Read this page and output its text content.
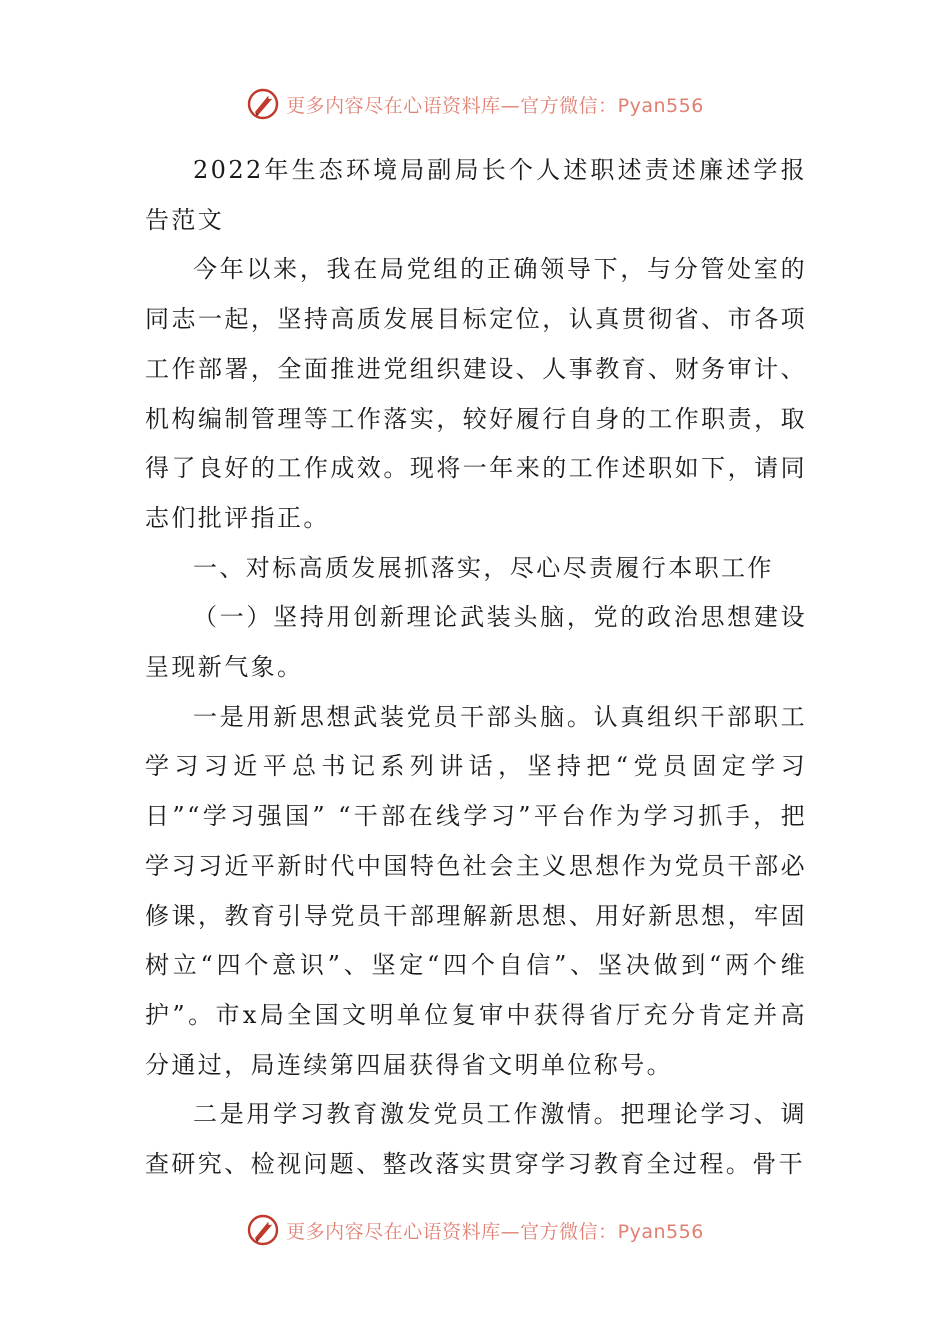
更多内容尽在心语资料库—官方微信：Pyan556

2022年生态环境局副局长个人述职述责述廉述学报告范文

今年以来，我在局党组的正确领导下，与分管处室的同志一起，坚持高质发展目标定位，认真贯彻省、市各项工作部署，全面推进党组织建设、人事教育、财务审计、机构编制管理等工作落实，较好履行自身的工作职责，取得了良好的工作成效。现将一年来的工作述职如下，请同志们批评指正。

一、对标高质发展抓落实，尽心尽责履行本职工作

（一）坚持用创新理论武装头脑，党的政治思想建设呈现新气象。

一是用新思想武装党员干部头脑。认真组织干部职工学习习近平总书记系列讲话，坚持把“党员固定学习日”“学习强国” “干部在线学习”平台作为学习抓手，把学习习近平新时代中国特色社会主义思想作为党员干部必修课，教育引导党员干部理解新思想、用好新思想，牢固树立“四个意识”、坚定“四个自信”、坚决做到“两个维护”。市x局全国文明单位复审中获得省厅充分肯定并高分通过，局连续第四届获得省文明单位称号。

二是用学习教育激发党员工作激情。把理论学习、调查研究、检视问题、整改落实贯穿学习教育全过程。骨干

更多内容尽在心语资料库—官方微信：Pyan556
